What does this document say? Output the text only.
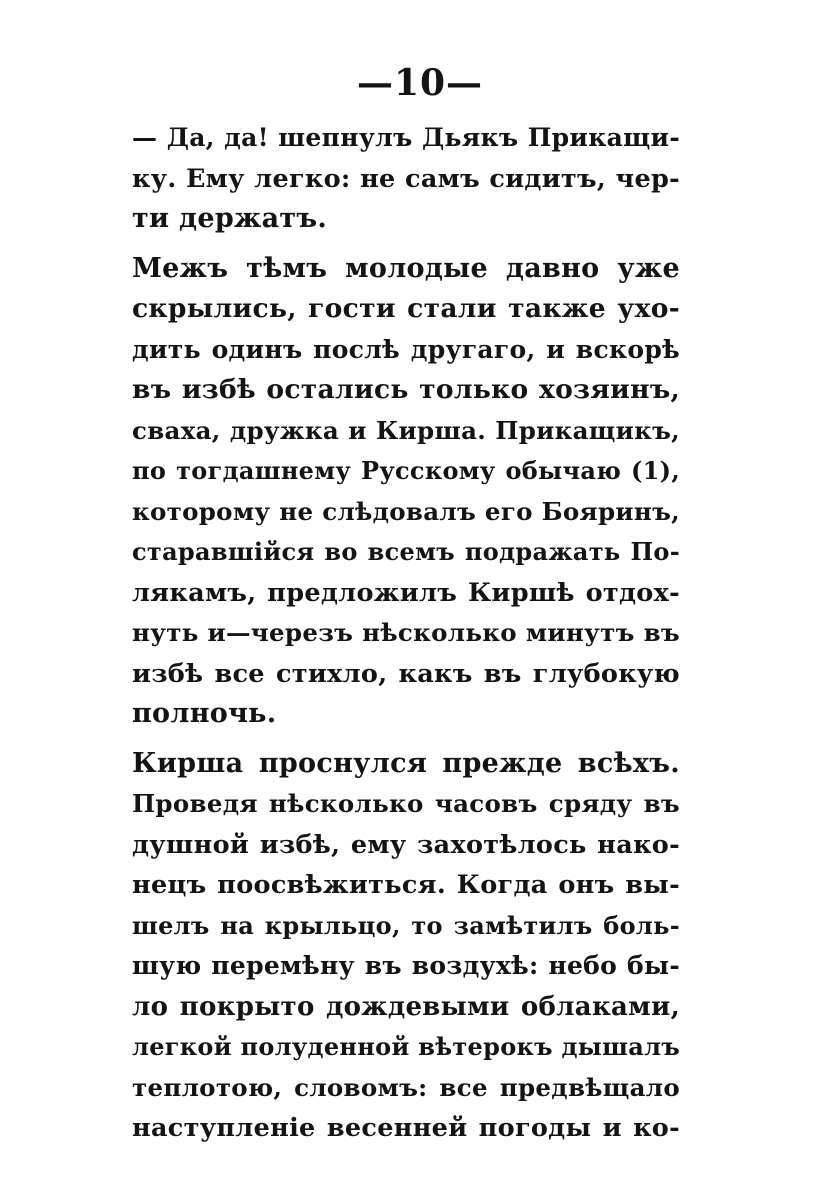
—10—
— Да, да! шепнулъ Дьякъ Прикащи-
ку. Ему легко: не самъ сидитъ, чер-
ти держатъ.
Межъ тѣмъ молодые давно уже
скрылись, гости стали также ухо-
дить одинъ послѣ другаго, и вскорѣ
въ избѣ остались только хозяинъ,
сваха, дружка и Кирша. Прикащикъ,
по тогдашнему Русскому обычаю (1),
которому не слѣдовалъ его Бояринъ,
старавшійся во всемъ подражать По-
лякамъ, предложилъ Киршѣ отдох-
нуть и—черезъ нѣсколько минутъ въ
избѣ все стихло, какъ въ глубокую
полночь.
Кирша проснулся прежде всѣхъ.
Проведя нѣсколько часовъ сряду въ
душной избѣ, ему захотѣлось нако-
нецъ поосвѣжиться. Когда онъ вы-
шелъ на крыльцо, то замѣтилъ боль-
шую перемѣну въ воздухѣ: небо бы-
ло покрыто дождевыми облаками,
легкой полуденной вѣтерокъ дышалъ
теплотою, словомъ: все предвѣщало
наступленіе весенней погоды и ко-
